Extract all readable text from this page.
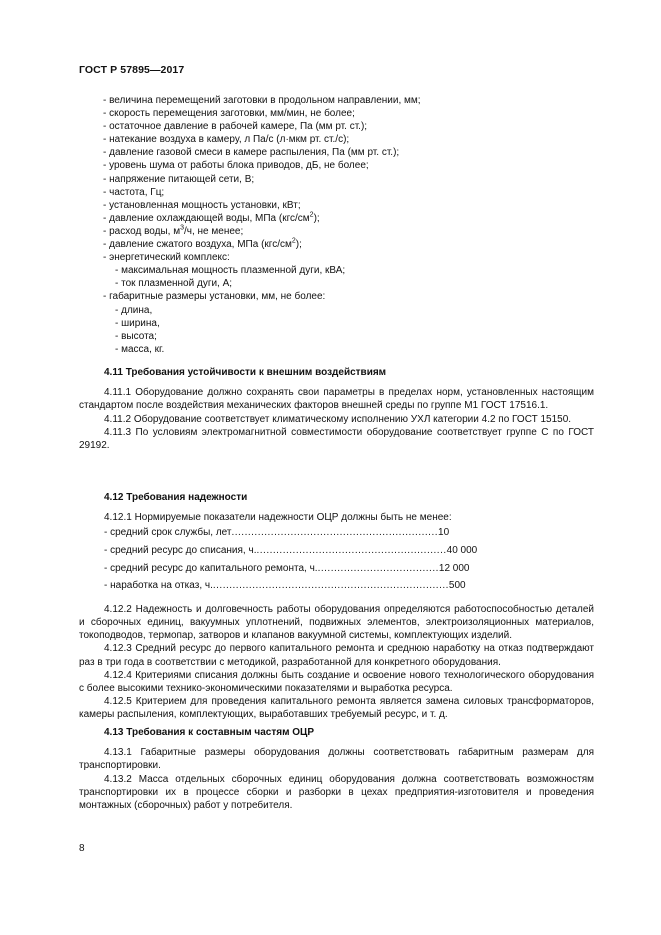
ГОСТ Р 57895—2017
- величина перемещений заготовки в продольном направлении, мм;
- скорость перемещения заготовки, мм/мин, не более;
- остаточное давление в рабочей камере, Па (мм рт. ст.);
- натекание воздуха в камеру, л Па/с (л·мкм рт. ст./с);
- давление газовой смеси в камере распыления, Па (мм рт. ст.);
- уровень шума от работы блока приводов, дБ, не более;
- напряжение питающей сети, В;
- частота, Гц;
- установленная мощность установки, кВт;
- давление охлаждающей воды, МПа $(кгс/см^2)$;
- расход воды, $м^3/ч$, не менее;
- давление сжатого воздуха, МПа $(кгс/см^2)$;
- энергетический комплекс:
- максимальная мощность плазменной дуги, кВА;
- ток плазменной дуги, А;
- габаритные размеры установки, мм, не более:
- длина,
- ширина,
- высота;
- масса, кг.
4.11 Требования устойчивости к внешним воздействиям

4.11.1 Оборудование должно сохранять свои параметры в пределах норм, установленных настоящим стандартом после воздействия механических факторов внешней среды по группе М1 ГОСТ 17516.1.

4.11.2 Оборудование соответствует климатическому исполнению УХЛ категории 4.2 по ГОСТ 15150.

4.11.3 По условиям электромагнитной совместимости оборудование соответствует группе С по ГОСТ 29192.

4.12 Требования надежности

4.12.1 Нормируемые показатели надежности ОЦР должны быть не менее:

- средний срок службы, лет ............................................................... 10
- средний ресурс до списания, ч. .......................................................... 40 000
- средний ресурс до капитального ремонта, ч. ..................................... 12 000
- наработка на отказ, ч. ........................................................................ 500

4.12.2 Надежность и долговечность работы оборудования определяются работоспособностью деталей и сборочных единиц, вакуумных уплотнений, подвижных элементов, электроизоляционных материалов, токоподводов, термопар, затворов и клапанов вакуумной системы, комплектующих изделий.

4.12.3 Средний ресурс до первого капитального ремонта и среднюю наработку на отказ подтверждают раз в три года в соответствии с методикой, разработанной для конкретного оборудования.

4.12.4 Критериями списания должны быть создание и освоение нового технологического оборудования с более высокими технико-экономическими показателями и выработка ресурса.

4.12.5 Критерием для проведения капитального ремонта является замена силовых трансформаторов, камеры распыления, комплектующих, выработавших требуемый ресурс, и т. д.

4.13 Требования к составным частям ОЦР

4.13.1 Габаритные размеры оборудования должны соответствовать габаритным размерам для транспортировки.

4.13.2 Масса отдельных сборочных единиц оборудования должна соответствовать возможностям транспортировки их в процессе сборки и разборки в цехах предприятия-изготовителя и проведения монтажных (сборочных) работ у потребителя.

8
